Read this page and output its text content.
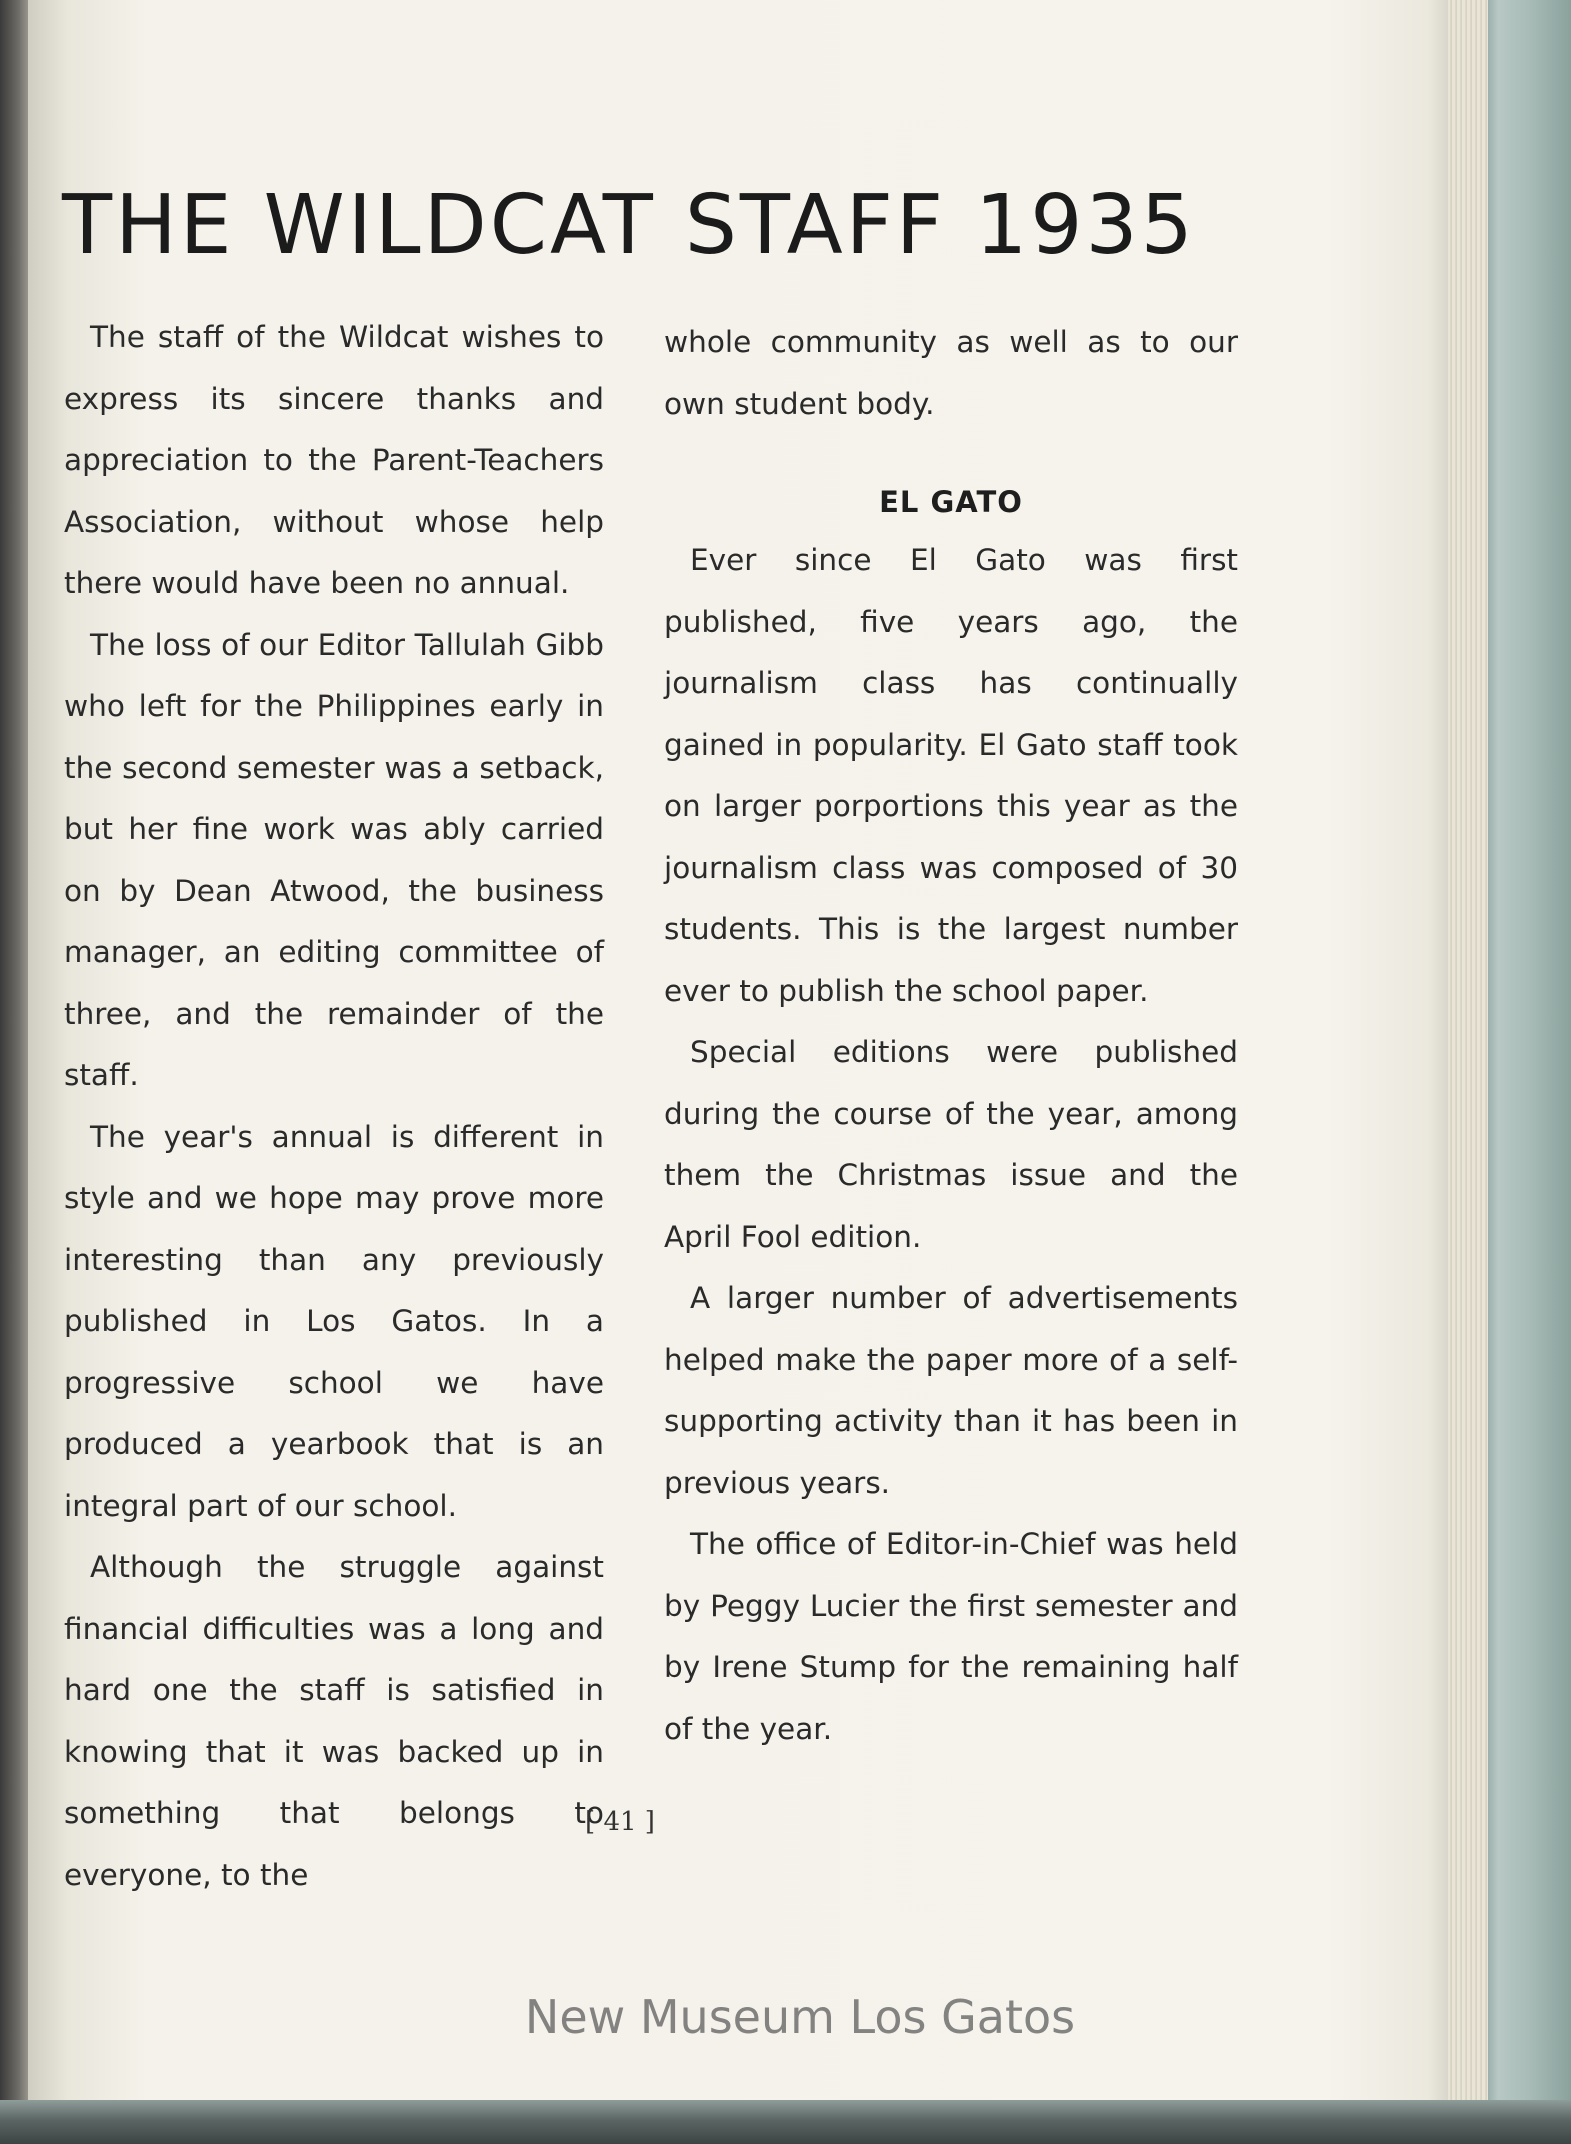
THE WILDCAT STAFF 1935

The staff of the Wildcat wishes to express its sincere thanks and appreciation to the Parent-Teachers Association, without whose help there would have been no annual.

The loss of our Editor Tallulah Gibb who left for the Philippines early in the second semester was a setback, but her fine work was ably carried on by Dean Atwood, the business manager, an editing committee of three, and the remainder of the staff.

The year's annual is different in style and we hope may prove more interesting than any previously published in Los Gatos. In a progressive school we have produced a yearbook that is an integral part of our school.

Although the struggle against financial difficulties was a long and hard one the staff is satisfied in knowing that it was backed up in something that belongs to everyone, to the

whole community as well as to our own student body.

EL GATO

Ever since El Gato was first published, five years ago, the journalism class has continually gained in popularity. El Gato staff took on larger porportions this year as the journalism class was composed of 30 students. This is the largest number ever to publish the school paper.

Special editions were published during the course of the year, among them the Christmas issue and the April Fool edition.

A larger number of advertisements helped make the paper more of a self-supporting activity than it has been in previous years.

The office of Editor-in-Chief was held by Peggy Lucier the first semester and by Irene Stump for the remaining half of the year.

[ 41 ]
New Museum Los Gatos
